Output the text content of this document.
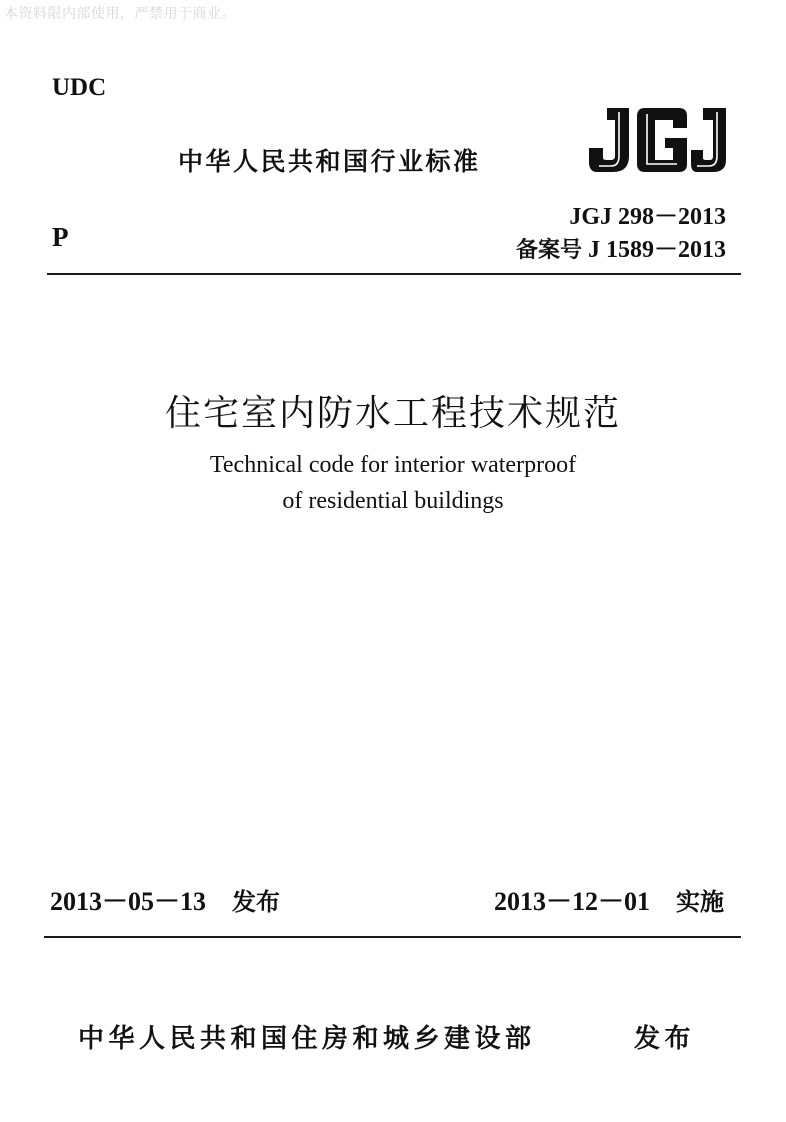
本资料限内部使用，严禁用于商业。
UDC
中华人民共和国行业标准	JGJ
JGJ 298－2013
P	备案号 J 1589－2013
住宅室内防水工程技术规范
Technical code for interior waterproof
of residential buildings
2013－05－13 发布	2013－12－01 实施
中华人民共和国住房和城乡建设部	发布
